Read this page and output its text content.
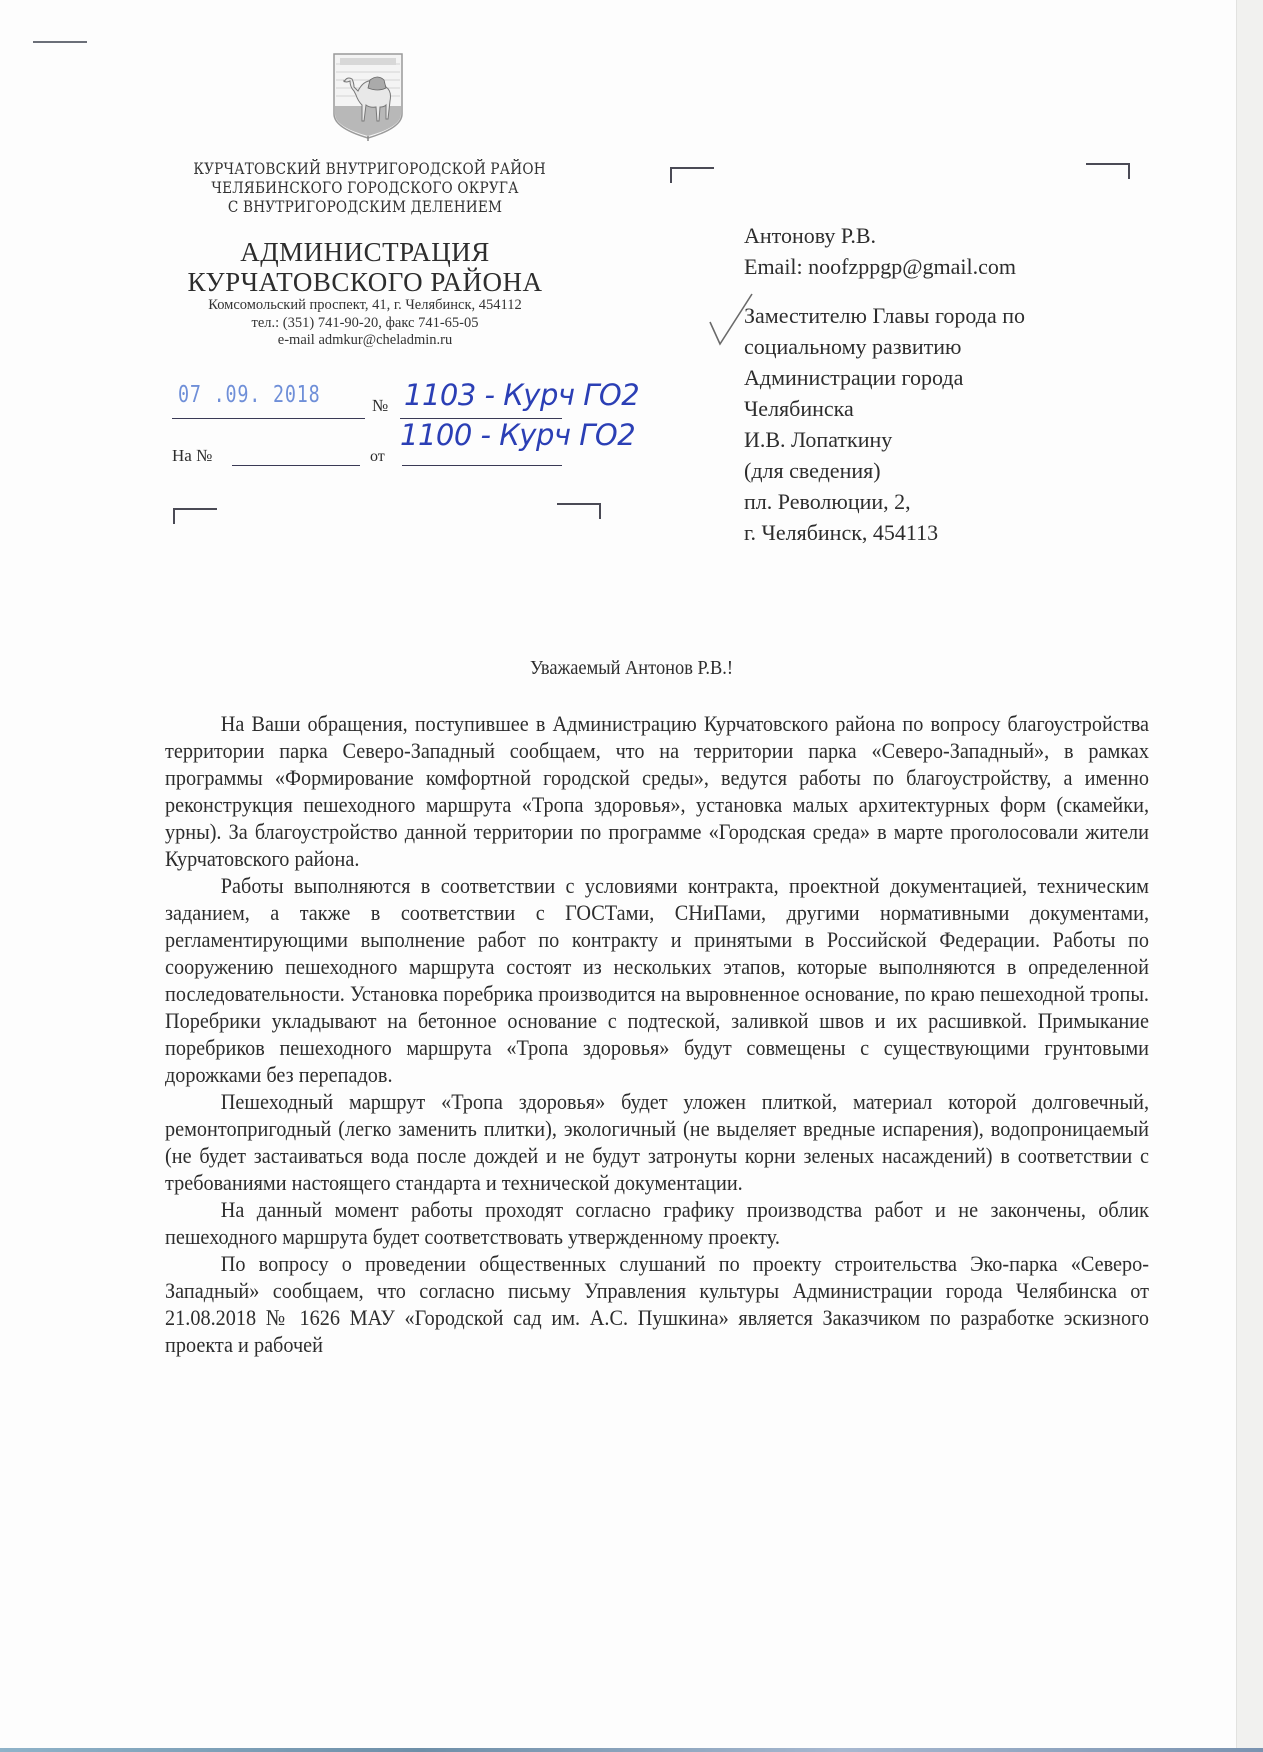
КУРЧАТОВСКИЙ ВНУТРИГОРОДСКОЙ РАЙОН
ЧЕЛЯБИНСКОГО ГОРОДСКОГО ОКРУГА
С ВНУТРИГОРОДСКИМ ДЕЛЕНИЕМ
АДМИНИСТРАЦИЯ
КУРЧАТОВСКОГО РАЙОНА
Комсомольский проспект, 41, г. Челябинск, 454112
тел.: (351) 741-90-20, факс 741-65-05
e-mail admkur@cheladmin.ru
07 .09. 2018	№ 1103 - Курч ГО2
На №	от
1100 - Курч ГО2
Антонову Р.В.
Email: noofzppgp@gmail.com
Заместителю Главы города по
социальному развитию
Администрации города
Челябинска
И.В. Лопаткину
(для сведения)
пл. Революции, 2,
г. Челябинск, 454113
Уважаемый Антонов Р.В.!

На Ваши обращения, поступившее в Администрацию Курчатовского района по вопросу благоустройства территории парка Северо-Западный сообщаем, что на территории парка «Северо-Западный», в рамках программы «Формирование комфортной городской среды», ведутся работы по благоустройству, а именно реконструкция пешеходного маршрута «Тропа здоровья», установка малых архитектурных форм (скамейки, урны). За благоустройство данной территории по программе «Городская среда» в марте проголосовали жители Курчатовского района.

Работы выполняются в соответствии с условиями контракта, проектной документацией, техническим заданием, а также в соответствии с ГОСТами, СНиПами, другими нормативными документами, регламентирующими выполнение работ по контракту и принятыми в Российской Федерации. Работы по сооружению пешеходного маршрута состоят из нескольких этапов, которые выполняются в определенной последовательности. Установка поребрика производится на выровненное основание, по краю пешеходной тропы. Поребрики укладывают на бетонное основание с подтеской, заливкой швов и их расшивкой. Примыкание поребриков пешеходного маршрута «Тропа здоровья» будут совмещены с существующими грунтовыми дорожками без перепадов.

Пешеходный маршрут «Тропа здоровья» будет уложен плиткой, материал которой долговечный, ремонтопригодный (легко заменить плитки), экологичный (не выделяет вредные испарения), водопроницаемый (не будет застаиваться вода после дождей и не будут затронуты корни зеленых насаждений) в соответствии с требованиями настоящего стандарта и технической документации.

На данный момент работы проходят согласно графику производства работ и не закончены, облик пешеходного маршрута будет соответствовать утвержденному проекту.

По вопросу о проведении общественных слушаний по проекту строительства Эко-парка «Северо-Западный» сообщаем, что согласно письму Управления культуры Администрации города Челябинска от 21.08.2018 № 1626 МАУ «Городской сад им. А.С. Пушкина» является Заказчиком по разработке эскизного проекта и рабочей
